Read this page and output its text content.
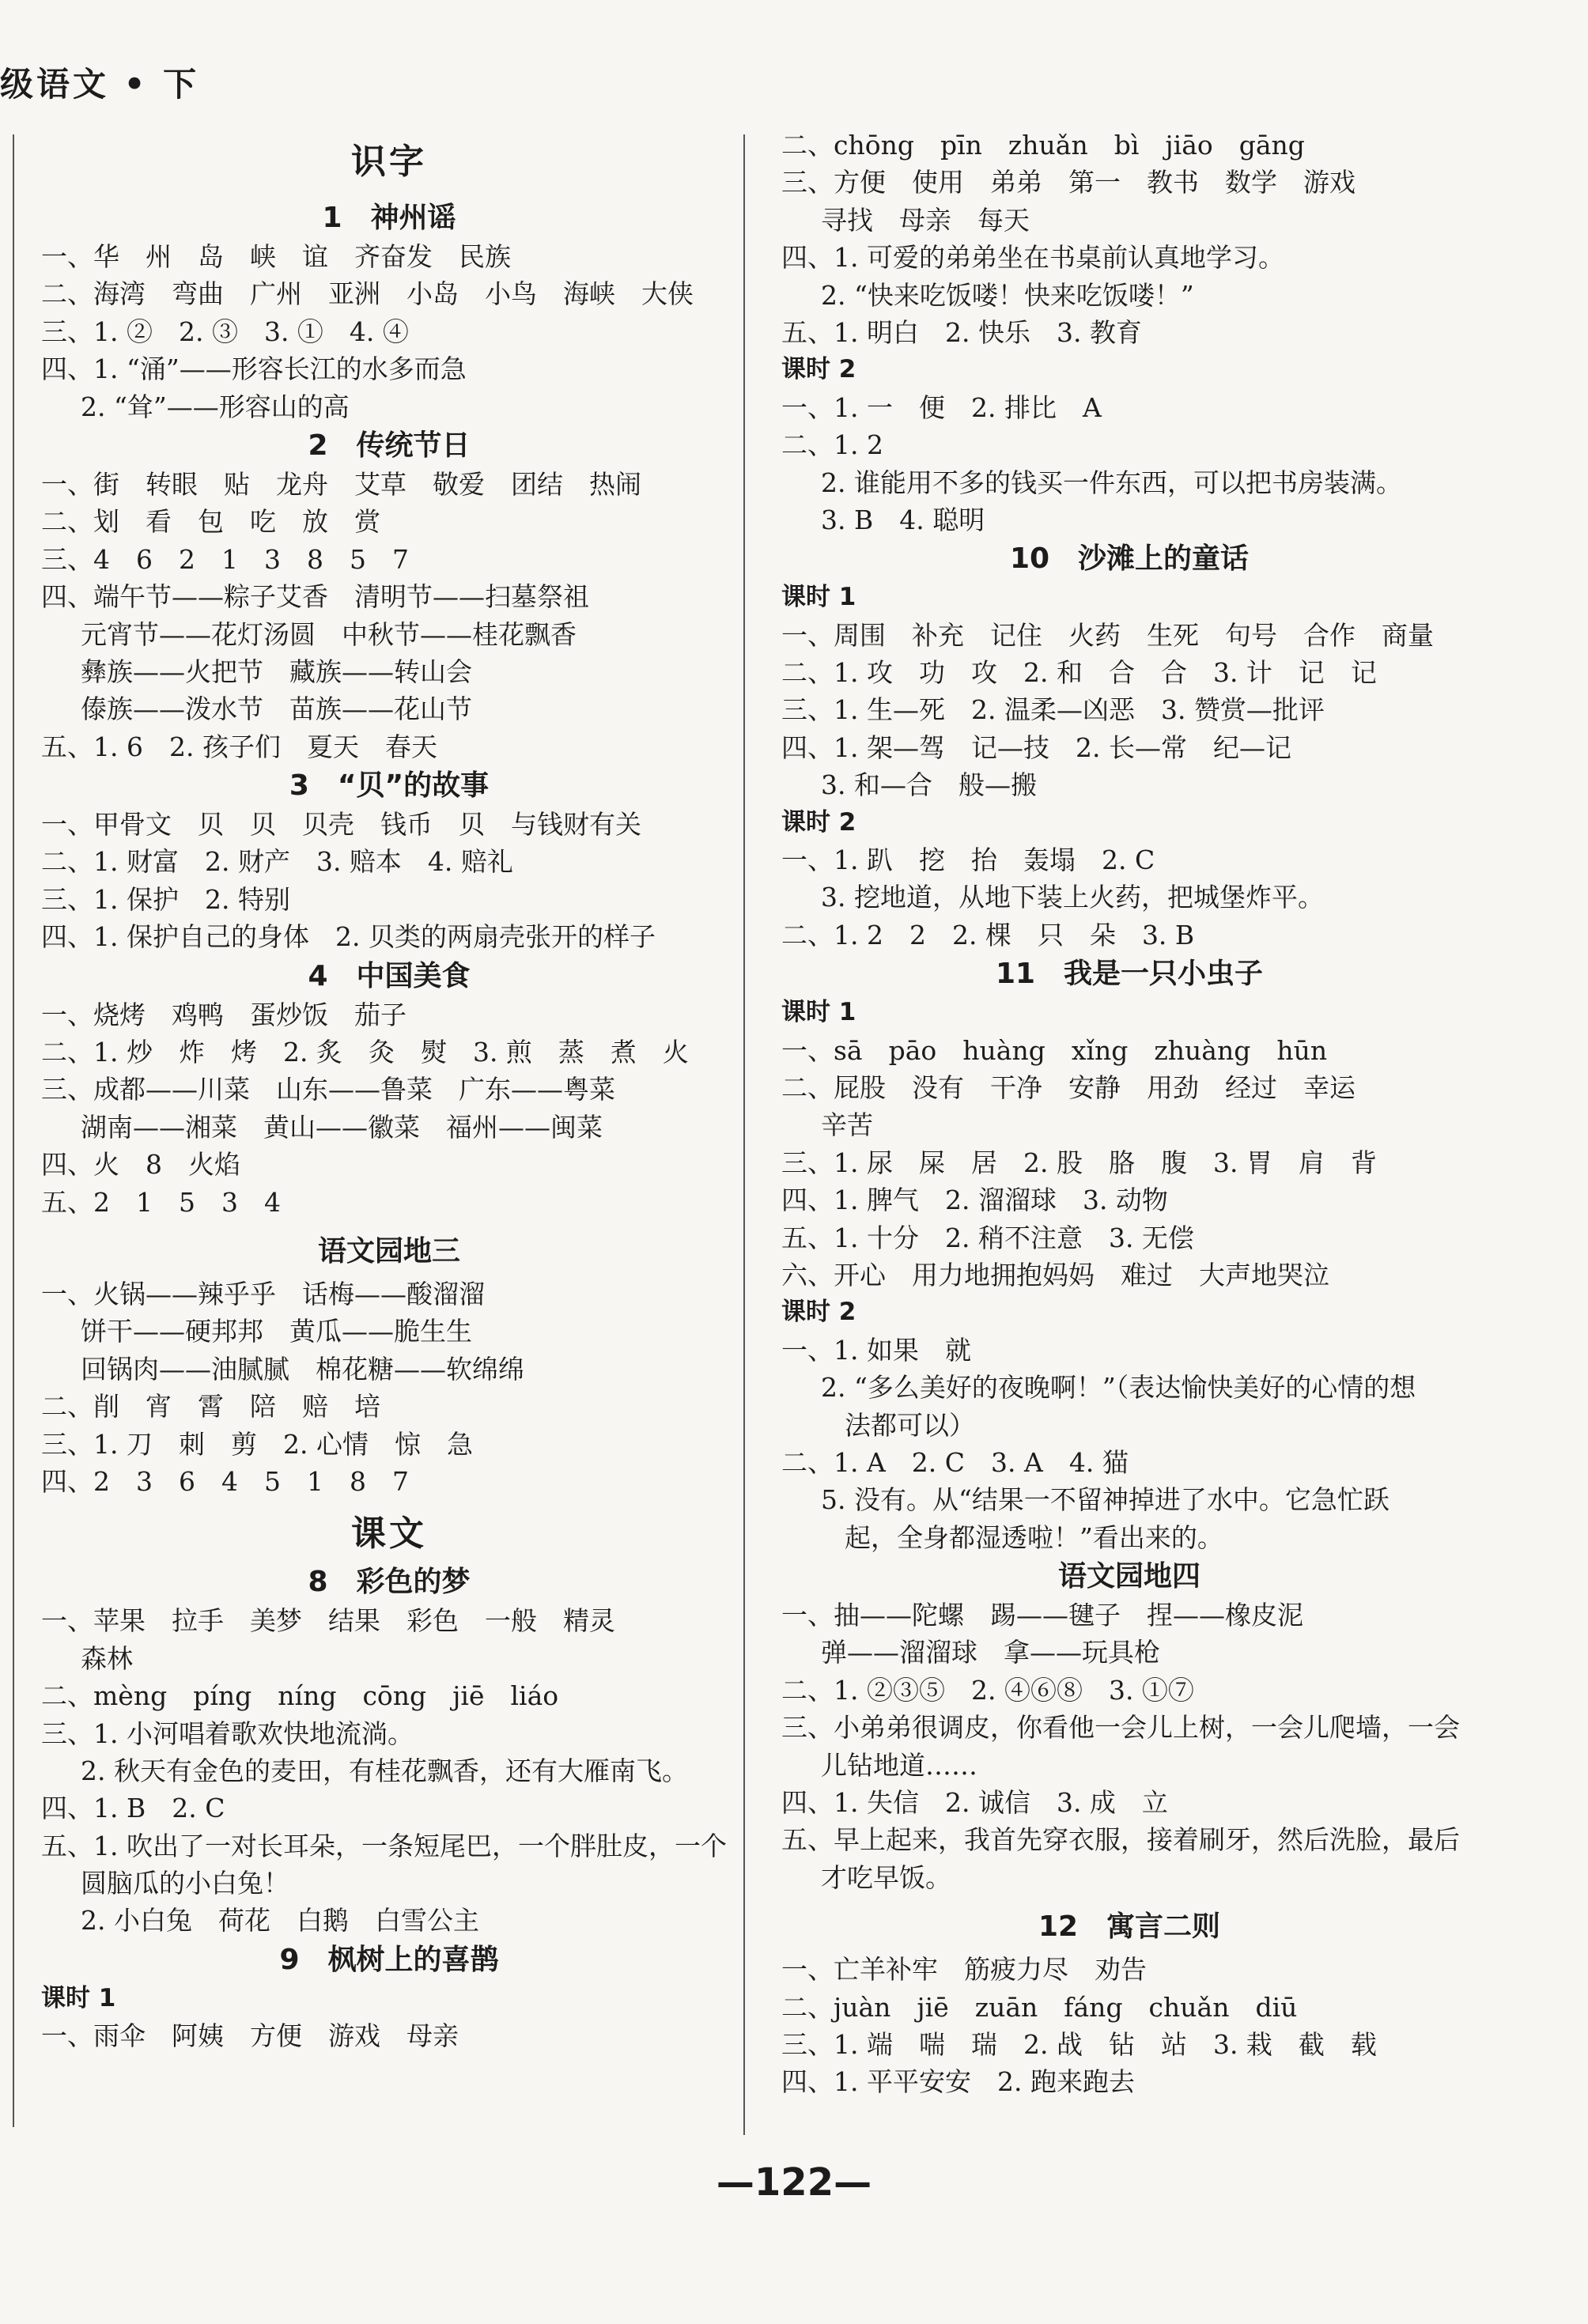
级语文 • 下
识字
1　神州谣
一、华　州　岛　峡　谊　齐奋发　民族
二、海湾　弯曲　广州　亚洲　小岛　小鸟　海峡　大侠
三、1. ②　2. ③　3. ①　4. ④
四、1. “涌”——形容长江的水多而急
2. “耸”——形容山的高
2　传统节日
一、街　转眼　贴　龙舟　艾草　敬爱　团结　热闹
二、划　看　包　吃　放　赏
三、4　6　2　1　3　8　5　7
四、端午节——粽子艾香　清明节——扫墓祭祖
元宵节——花灯汤圆　中秋节——桂花飘香
彝族——火把节　藏族——转山会
傣族——泼水节　苗族——花山节
五、1. 6　2. 孩子们　夏天　春天
3　“贝”的故事
一、甲骨文　贝　贝　贝壳　钱币　贝　与钱财有关
二、1. 财富　2. 财产　3. 赔本　4. 赔礼
三、1. 保护　2. 特别
四、1. 保护自己的身体　2. 贝类的两扇壳张开的样子
4　中国美食
一、烧烤　鸡鸭　蛋炒饭　茄子
二、1. 炒　炸　烤　2. 炙　灸　熨　3. 煎　蒸　煮　火
三、成都——川菜　山东——鲁菜　广东——粤菜
湖南——湘菜　黄山——徽菜　福州——闽菜
四、火　8　火焰
五、2　1　5　3　4
语文园地三
一、火锅——辣乎乎　话梅——酸溜溜
饼干——硬邦邦　黄瓜——脆生生
回锅肉——油腻腻　棉花糖——软绵绵
二、削　宵　霄　陪　赔　培
三、1. 刀　刺　剪　2. 心情　惊　急
四、2　3　6　4　5　1　8　7
课文
8　彩色的梦
一、苹果　拉手　美梦　结果　彩色　一般　精灵
森林
二、mèng　píng　níng　cōng　jiē　liáo
三、1. 小河唱着歌欢快地流淌。
2. 秋天有金色的麦田，有桂花飘香，还有大雁南飞。
四、1. B　2. C
五、1. 吹出了一对长耳朵，一条短尾巴，一个胖肚皮，一个
圆脑瓜的小白兔！
2. 小白兔　荷花　白鹅　白雪公主
9　枫树上的喜鹊
课时 1
一、雨伞　阿姨　方便　游戏　母亲
二、chōng　pīn　zhuǎn　bì　jiāo　gāng
三、方便　使用　弟弟　第一　教书　数学　游戏
寻找　母亲　每天
四、1. 可爱的弟弟坐在书桌前认真地学习。
2. “快来吃饭喽！快来吃饭喽！”
五、1. 明白　2. 快乐　3. 教育
课时 2
一、1. 一　便　2. 排比　A
二、1. 2
2. 谁能用不多的钱买一件东西，可以把书房装满。
3. B　4. 聪明
10　沙滩上的童话
课时 1
一、周围　补充　记住　火药　生死　句号　合作　商量
二、1. 攻　功　攻　2. 和　合　合　3. 计　记　记
三、1. 生—死　2. 温柔—凶恶　3. 赞赏—批评
四、1. 架—驾　记—技　2. 长—常　纪—记
3. 和—合　般—搬
课时 2
一、1. 趴　挖　抬　轰塌　2. C
3. 挖地道，从地下装上火药，把城堡炸平。
二、1. 2　2　2. 棵　只　朵　3. B
11　我是一只小虫子
课时 1
一、sā　pāo　huàng　xǐng　zhuàng　hūn
二、屁股　没有　干净　安静　用劲　经过　幸运
辛苦
三、1. 尿　屎　居　2. 股　胳　腹　3. 胃　肩　背
四、1. 脾气　2. 溜溜球　3. 动物
五、1. 十分　2. 稍不注意　3. 无偿
六、开心　用力地拥抱妈妈　难过　大声地哭泣
课时 2
一、1. 如果　就
2. “多么美好的夜晚啊！”（表达愉快美好的心情的想
法都可以）
二、1. A　2. C　3. A　4. 猫
5. 没有。从“结果一不留神掉进了水中。它急忙跃
起，全身都湿透啦！”看出来的。
语文园地四
一、抽——陀螺　踢——毽子　捏——橡皮泥
弹——溜溜球　拿——玩具枪
二、1. ②③⑤　2. ④⑥⑧　3. ①⑦
三、小弟弟很调皮，你看他一会儿上树，一会儿爬墙，一会
儿钻地道……
四、1. 失信　2. 诚信　3. 成　立
五、早上起来，我首先穿衣服，接着刷牙，然后洗脸，最后
才吃早饭。
12　寓言二则
一、亡羊补牢　筋疲力尽　劝告
二、juàn　jiē　zuān　fáng　chuǎn　diū
三、1. 端　喘　瑞　2. 战　钻　站　3. 栽　截　载
四、1. 平平安安　2. 跑来跑去
—122—
